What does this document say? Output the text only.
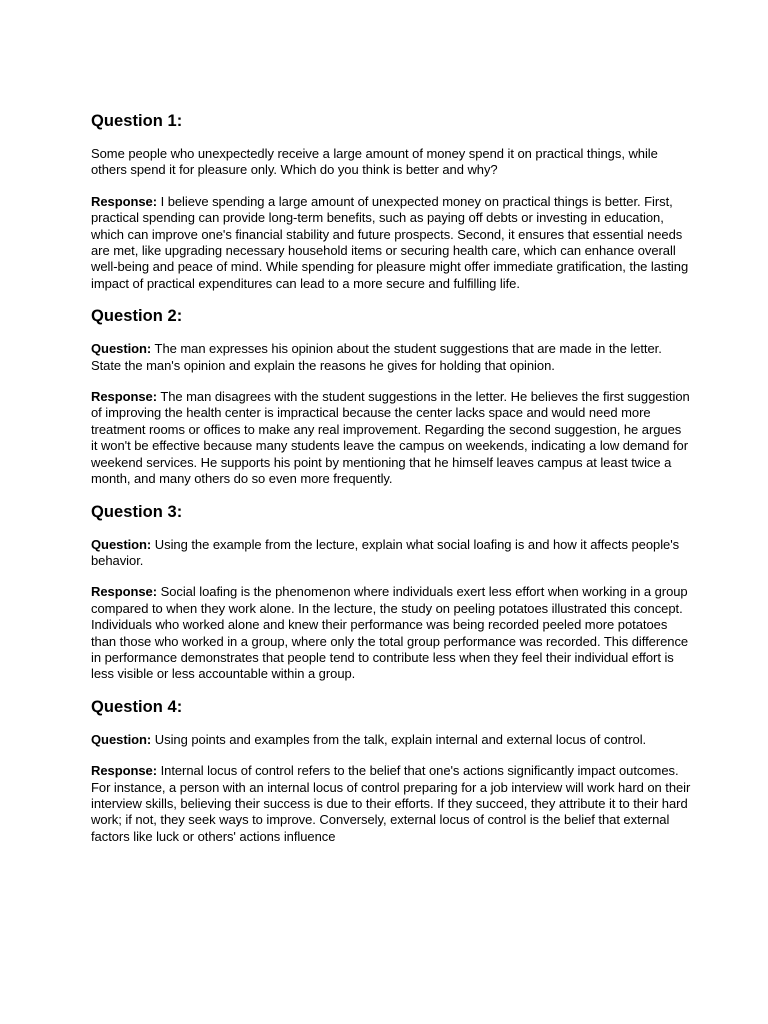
Question 1:

Some people who unexpectedly receive a large amount of money spend it on practical things, while others spend it for pleasure only. Which do you think is better and why?

Response: I believe spending a large amount of unexpected money on practical things is better. First, practical spending can provide long-term benefits, such as paying off debts or investing in education, which can improve one's financial stability and future prospects. Second, it ensures that essential needs are met, like upgrading necessary household items or securing health care, which can enhance overall well-being and peace of mind. While spending for pleasure might offer immediate gratification, the lasting impact of practical expenditures can lead to a more secure and fulfilling life.

Question 2:

Question: The man expresses his opinion about the student suggestions that are made in the letter. State the man's opinion and explain the reasons he gives for holding that opinion.

Response: The man disagrees with the student suggestions in the letter. He believes the first suggestion of improving the health center is impractical because the center lacks space and would need more treatment rooms or offices to make any real improvement. Regarding the second suggestion, he argues it won't be effective because many students leave the campus on weekends, indicating a low demand for weekend services. He supports his point by mentioning that he himself leaves campus at least twice a month, and many others do so even more frequently.

Question 3:

Question: Using the example from the lecture, explain what social loafing is and how it affects people's behavior.

Response: Social loafing is the phenomenon where individuals exert less effort when working in a group compared to when they work alone. In the lecture, the study on peeling potatoes illustrated this concept. Individuals who worked alone and knew their performance was being recorded peeled more potatoes than those who worked in a group, where only the total group performance was recorded. This difference in performance demonstrates that people tend to contribute less when they feel their individual effort is less visible or less accountable within a group.

Question 4:

Question: Using points and examples from the talk, explain internal and external locus of control.

Response: Internal locus of control refers to the belief that one's actions significantly impact outcomes. For instance, a person with an internal locus of control preparing for a job interview will work hard on their interview skills, believing their success is due to their efforts. If they succeed, they attribute it to their hard work; if not, they seek ways to improve. Conversely, external locus of control is the belief that external factors like luck or others' actions influence
